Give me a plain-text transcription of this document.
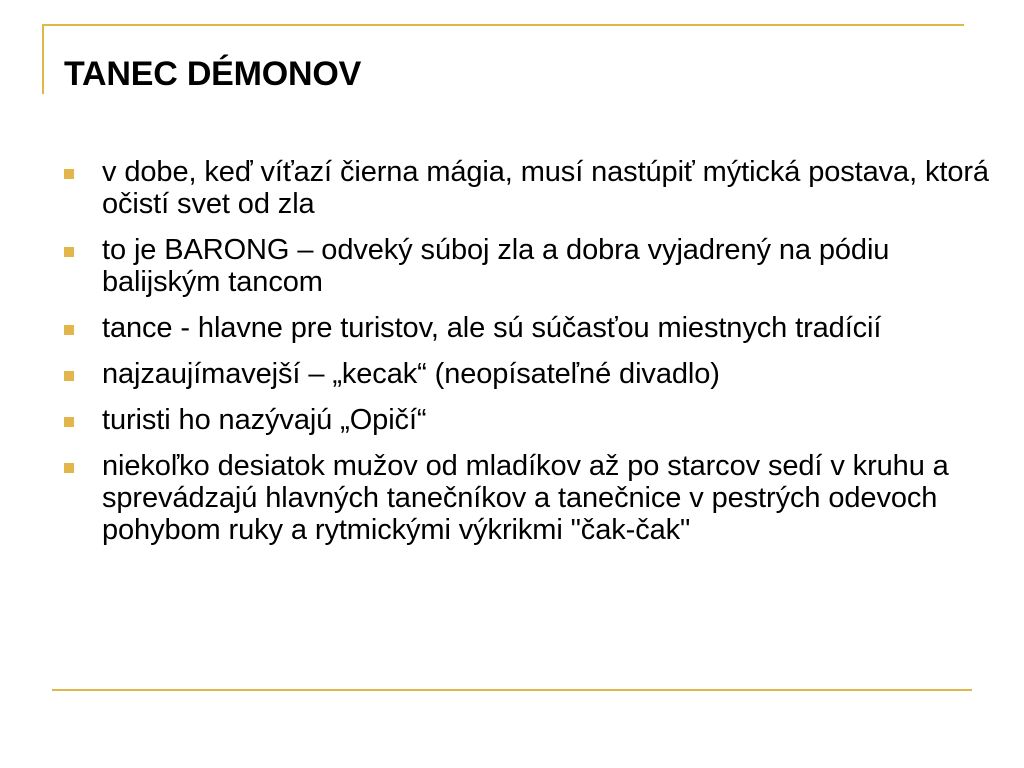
TANEC DÉMONOV
v dobe, keď víťazí čierna mágia, musí nastúpiť mýtická postava, ktorá očistí svet od zla
to je BARONG – odveký súboj zla a dobra vyjadrený na pódiu balijským tancom
tance - hlavne pre turistov, ale sú súčasťou miestnych tradícií
najzaujímavejší – „kecak“ (neopísateľné divadlo)
turisti ho nazývajú „Opičí“
niekoľko desiatok mužov od mladíkov až po starcov sedí v kruhu a sprevádzajú hlavných tanečníkov a tanečnice v pestrých odevoch pohybom ruky a rytmickými výkrikmi "čak-čak"
